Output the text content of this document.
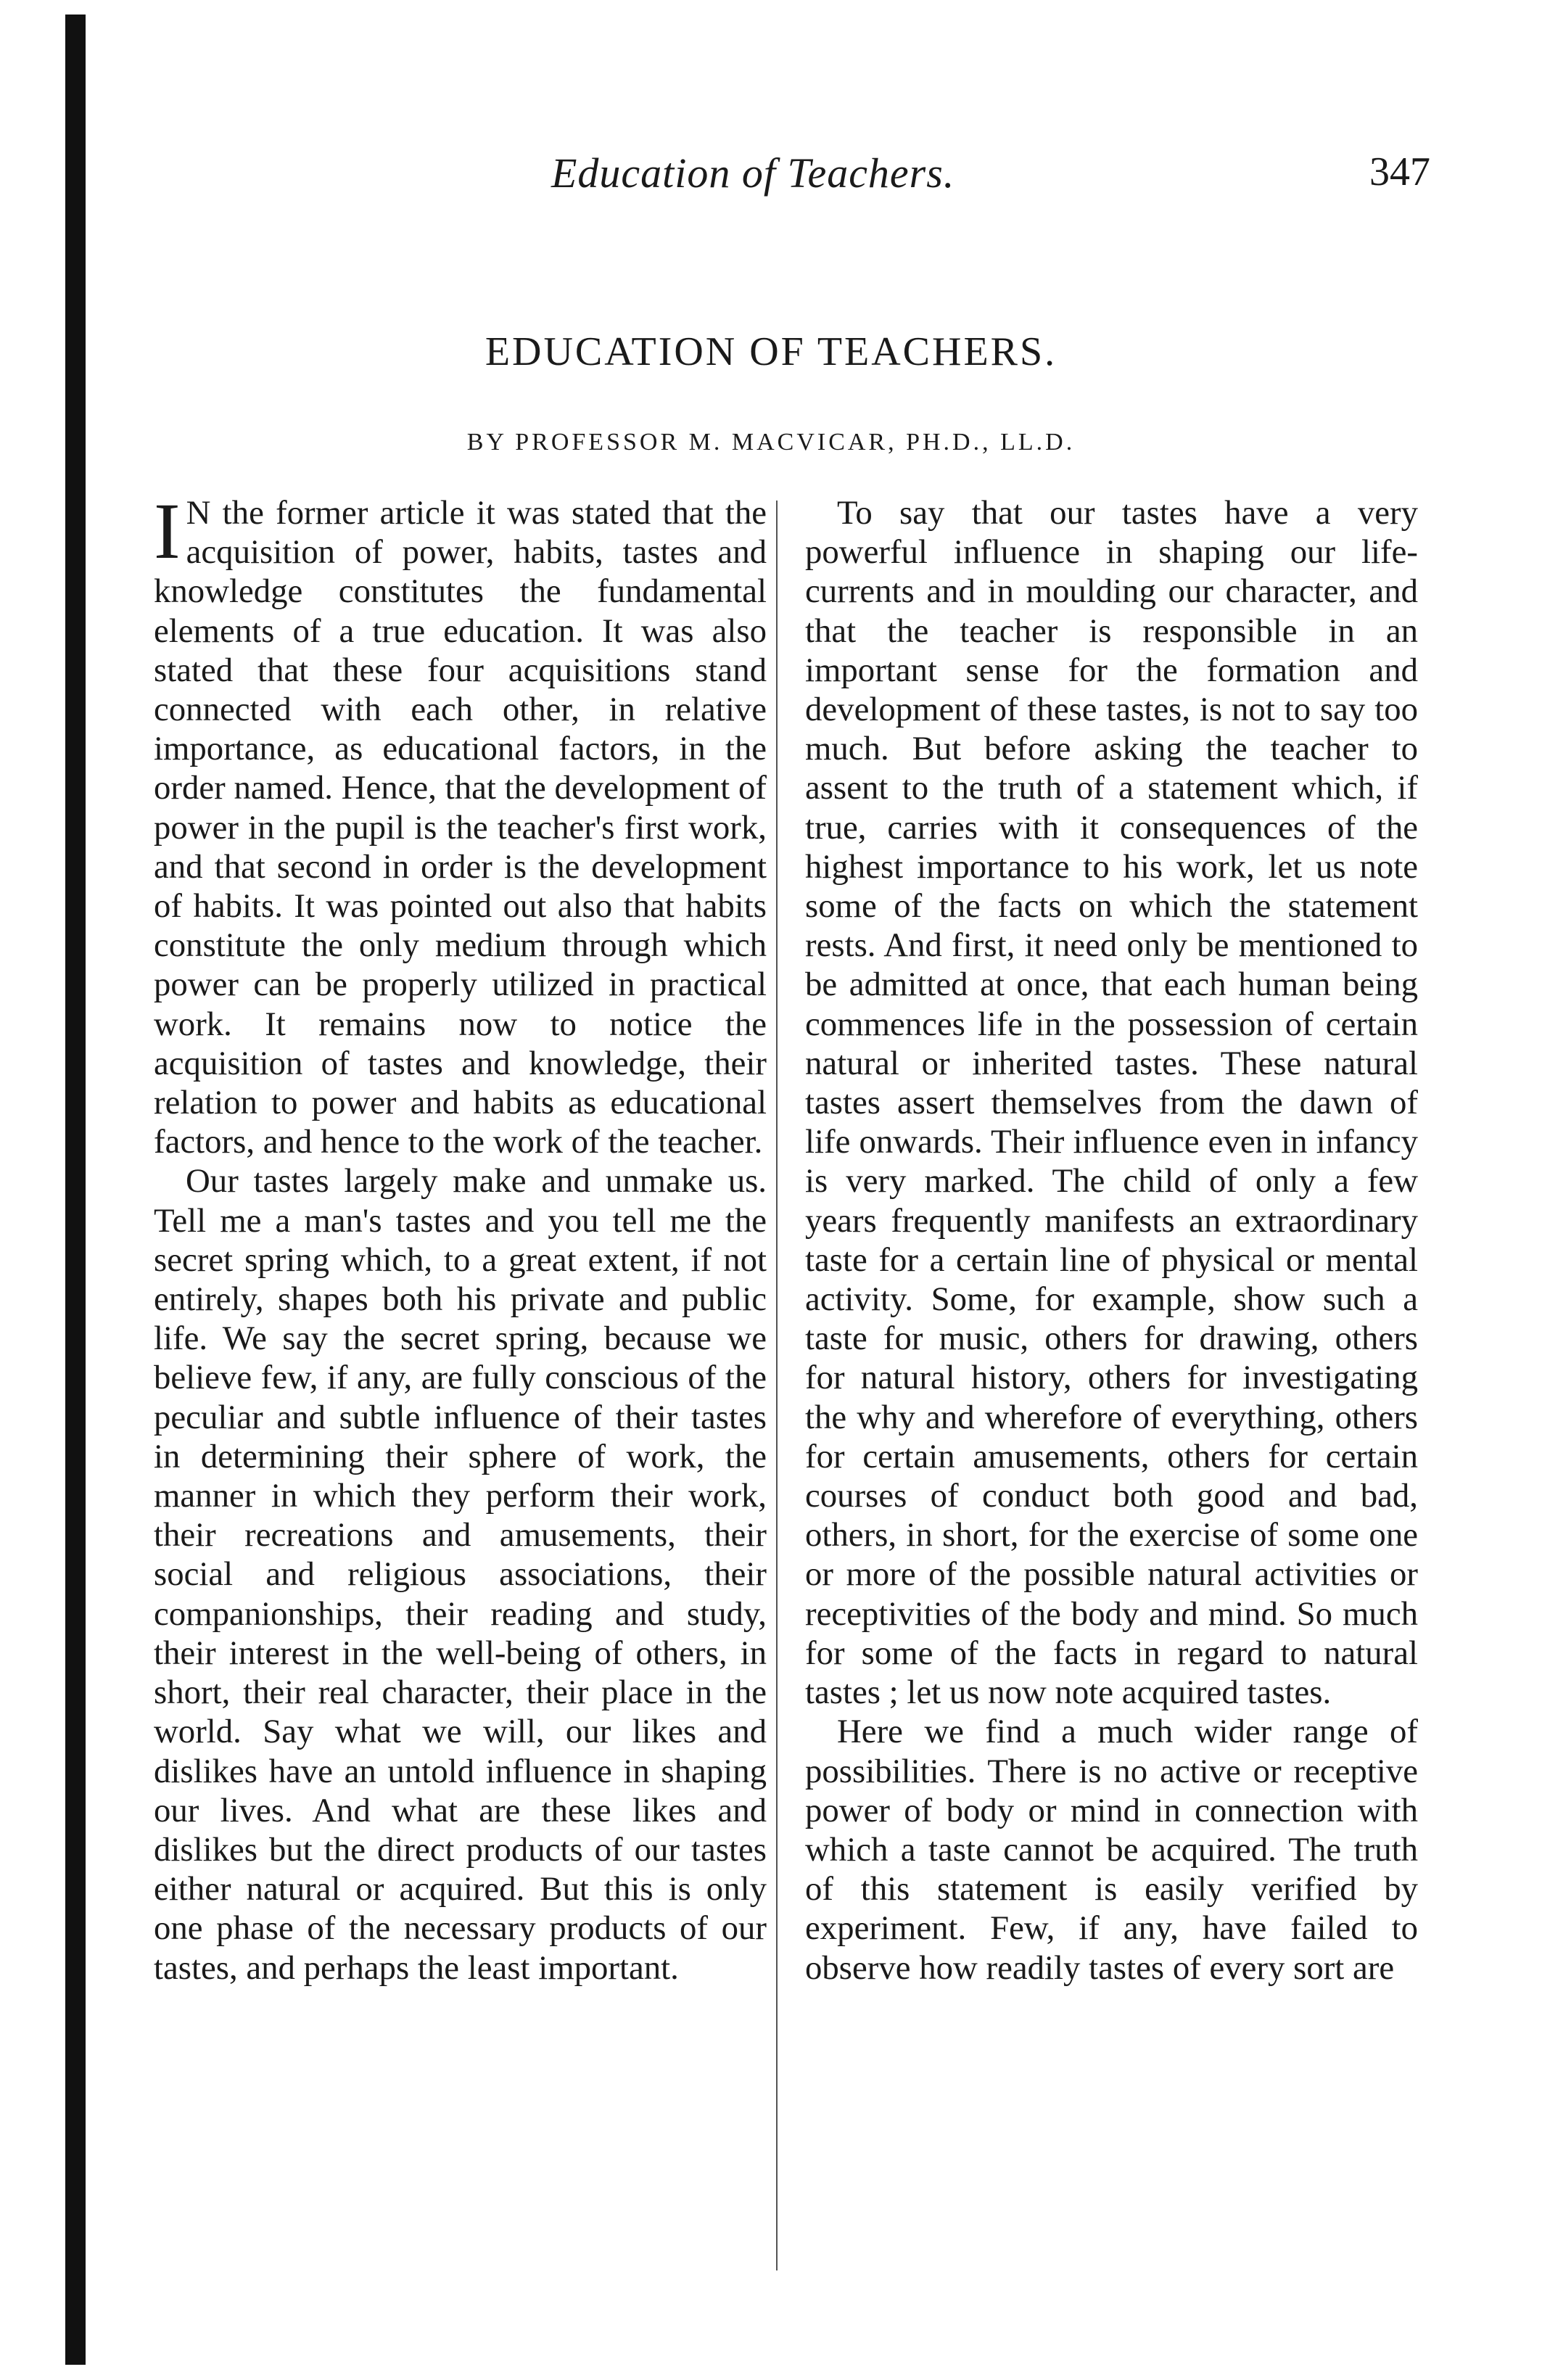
Education of Teachers.	347
EDUCATION OF TEACHERS.
BY PROFESSOR M. MACVICAR, PH.D., LL.D.

I N the former article it was stated that the acquisition of power, habits, tastes and knowledge constitutes the fundamental elements of a true education. It was also stated that these four acquisitions stand connected with each other, in relative importance, as educational factors, in the order named. Hence, that the development of power in the pupil is the teacher's first work, and that second in order is the development of habits. It was pointed out also that habits constitute the only medium through which power can be properly utilized in practical work. It remains now to notice the acquisition of tastes and knowledge, their relation to power and habits as educational factors, and hence to the work of the teacher.

Our tastes largely make and unmake us. Tell me a man's tastes and you tell me the secret spring which, to a great extent, if not entirely, shapes both his private and public life. We say the secret spring, because we believe few, if any, are fully conscious of the peculiar and subtle influence of their tastes in determining their sphere of work, the manner in which they perform their work, their recreations and amusements, their social and religious associations, their companionships, their reading and study, their interest in the well-being of others, in short, their real character, their place in the world. Say what we will, our likes and dislikes have an untold influence in shaping our lives. And what are these likes and dislikes but the direct products of our tastes either natural or acquired. But this is only one phase of the necessary products of our tastes, and perhaps the least important.

To say that our tastes have a very powerful influence in shaping our life-currents and in moulding our character, and that the teacher is responsible in an important sense for the formation and development of these tastes, is not to say too much. But before asking the teacher to assent to the truth of a statement which, if true, carries with it consequences of the highest importance to his work, let us note some of the facts on which the statement rests. And first, it need only be mentioned to be admitted at once, that each human being commences life in the possession of certain natural or inherited tastes. These natural tastes assert themselves from the dawn of life onwards. Their influence even in infancy is very marked. The child of only a few years frequently manifests an extraordinary taste for a certain line of physical or mental activity. Some, for example, show such a taste for music, others for drawing, others for natural history, others for investigating the why and wherefore of everything, others for certain amusements, others for certain courses of conduct both good and bad, others, in short, for the exercise of some one or more of the possible natural activities or receptivities of the body and mind. So much for some of the facts in regard to natural tastes ; let us now note acquired tastes.

Here we find a much wider range of possibilities. There is no active or receptive power of body or mind in connection with which a taste cannot be acquired. The truth of this statement is easily verified by experiment. Few, if any, have failed to observe how readily tastes of every sort are
